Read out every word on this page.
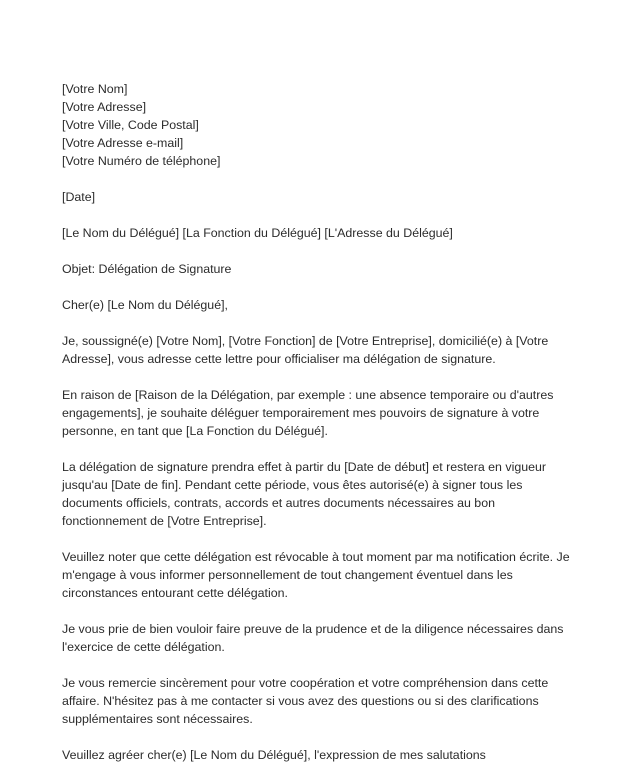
[Votre Nom]
[Votre Adresse]
[Votre Ville, Code Postal]
[Votre Adresse e-mail]
[Votre Numéro de téléphone]

[Date]

[Le Nom du Délégué] [La Fonction du Délégué] [L'Adresse du Délégué]

Objet: Délégation de Signature

Cher(e) [Le Nom du Délégué],

Je, soussigné(e) [Votre Nom], [Votre Fonction] de [Votre Entreprise], domicilié(e) à [Votre Adresse], vous adresse cette lettre pour officialiser ma délégation de signature.

En raison de [Raison de la Délégation, par exemple : une absence temporaire ou d'autres engagements], je souhaite déléguer temporairement mes pouvoirs de signature à votre personne, en tant que [La Fonction du Délégué].

La délégation de signature prendra effet à partir du [Date de début] et restera en vigueur jusqu'au [Date de fin]. Pendant cette période, vous êtes autorisé(e) à signer tous les documents officiels, contrats, accords et autres documents nécessaires au bon fonctionnement de [Votre Entreprise].

Veuillez noter que cette délégation est révocable à tout moment par ma notification écrite. Je m'engage à vous informer personnellement de tout changement éventuel dans les circonstances entourant cette délégation.

Je vous prie de bien vouloir faire preuve de la prudence et de la diligence nécessaires dans l'exercice de cette délégation.

Je vous remercie sincèrement pour votre coopération et votre compréhension dans cette affaire. N'hésitez pas à me contacter si vous avez des questions ou si des clarifications supplémentaires sont nécessaires.

Veuillez agréer cher(e) [Le Nom du Délégué], l'expression de mes salutations
